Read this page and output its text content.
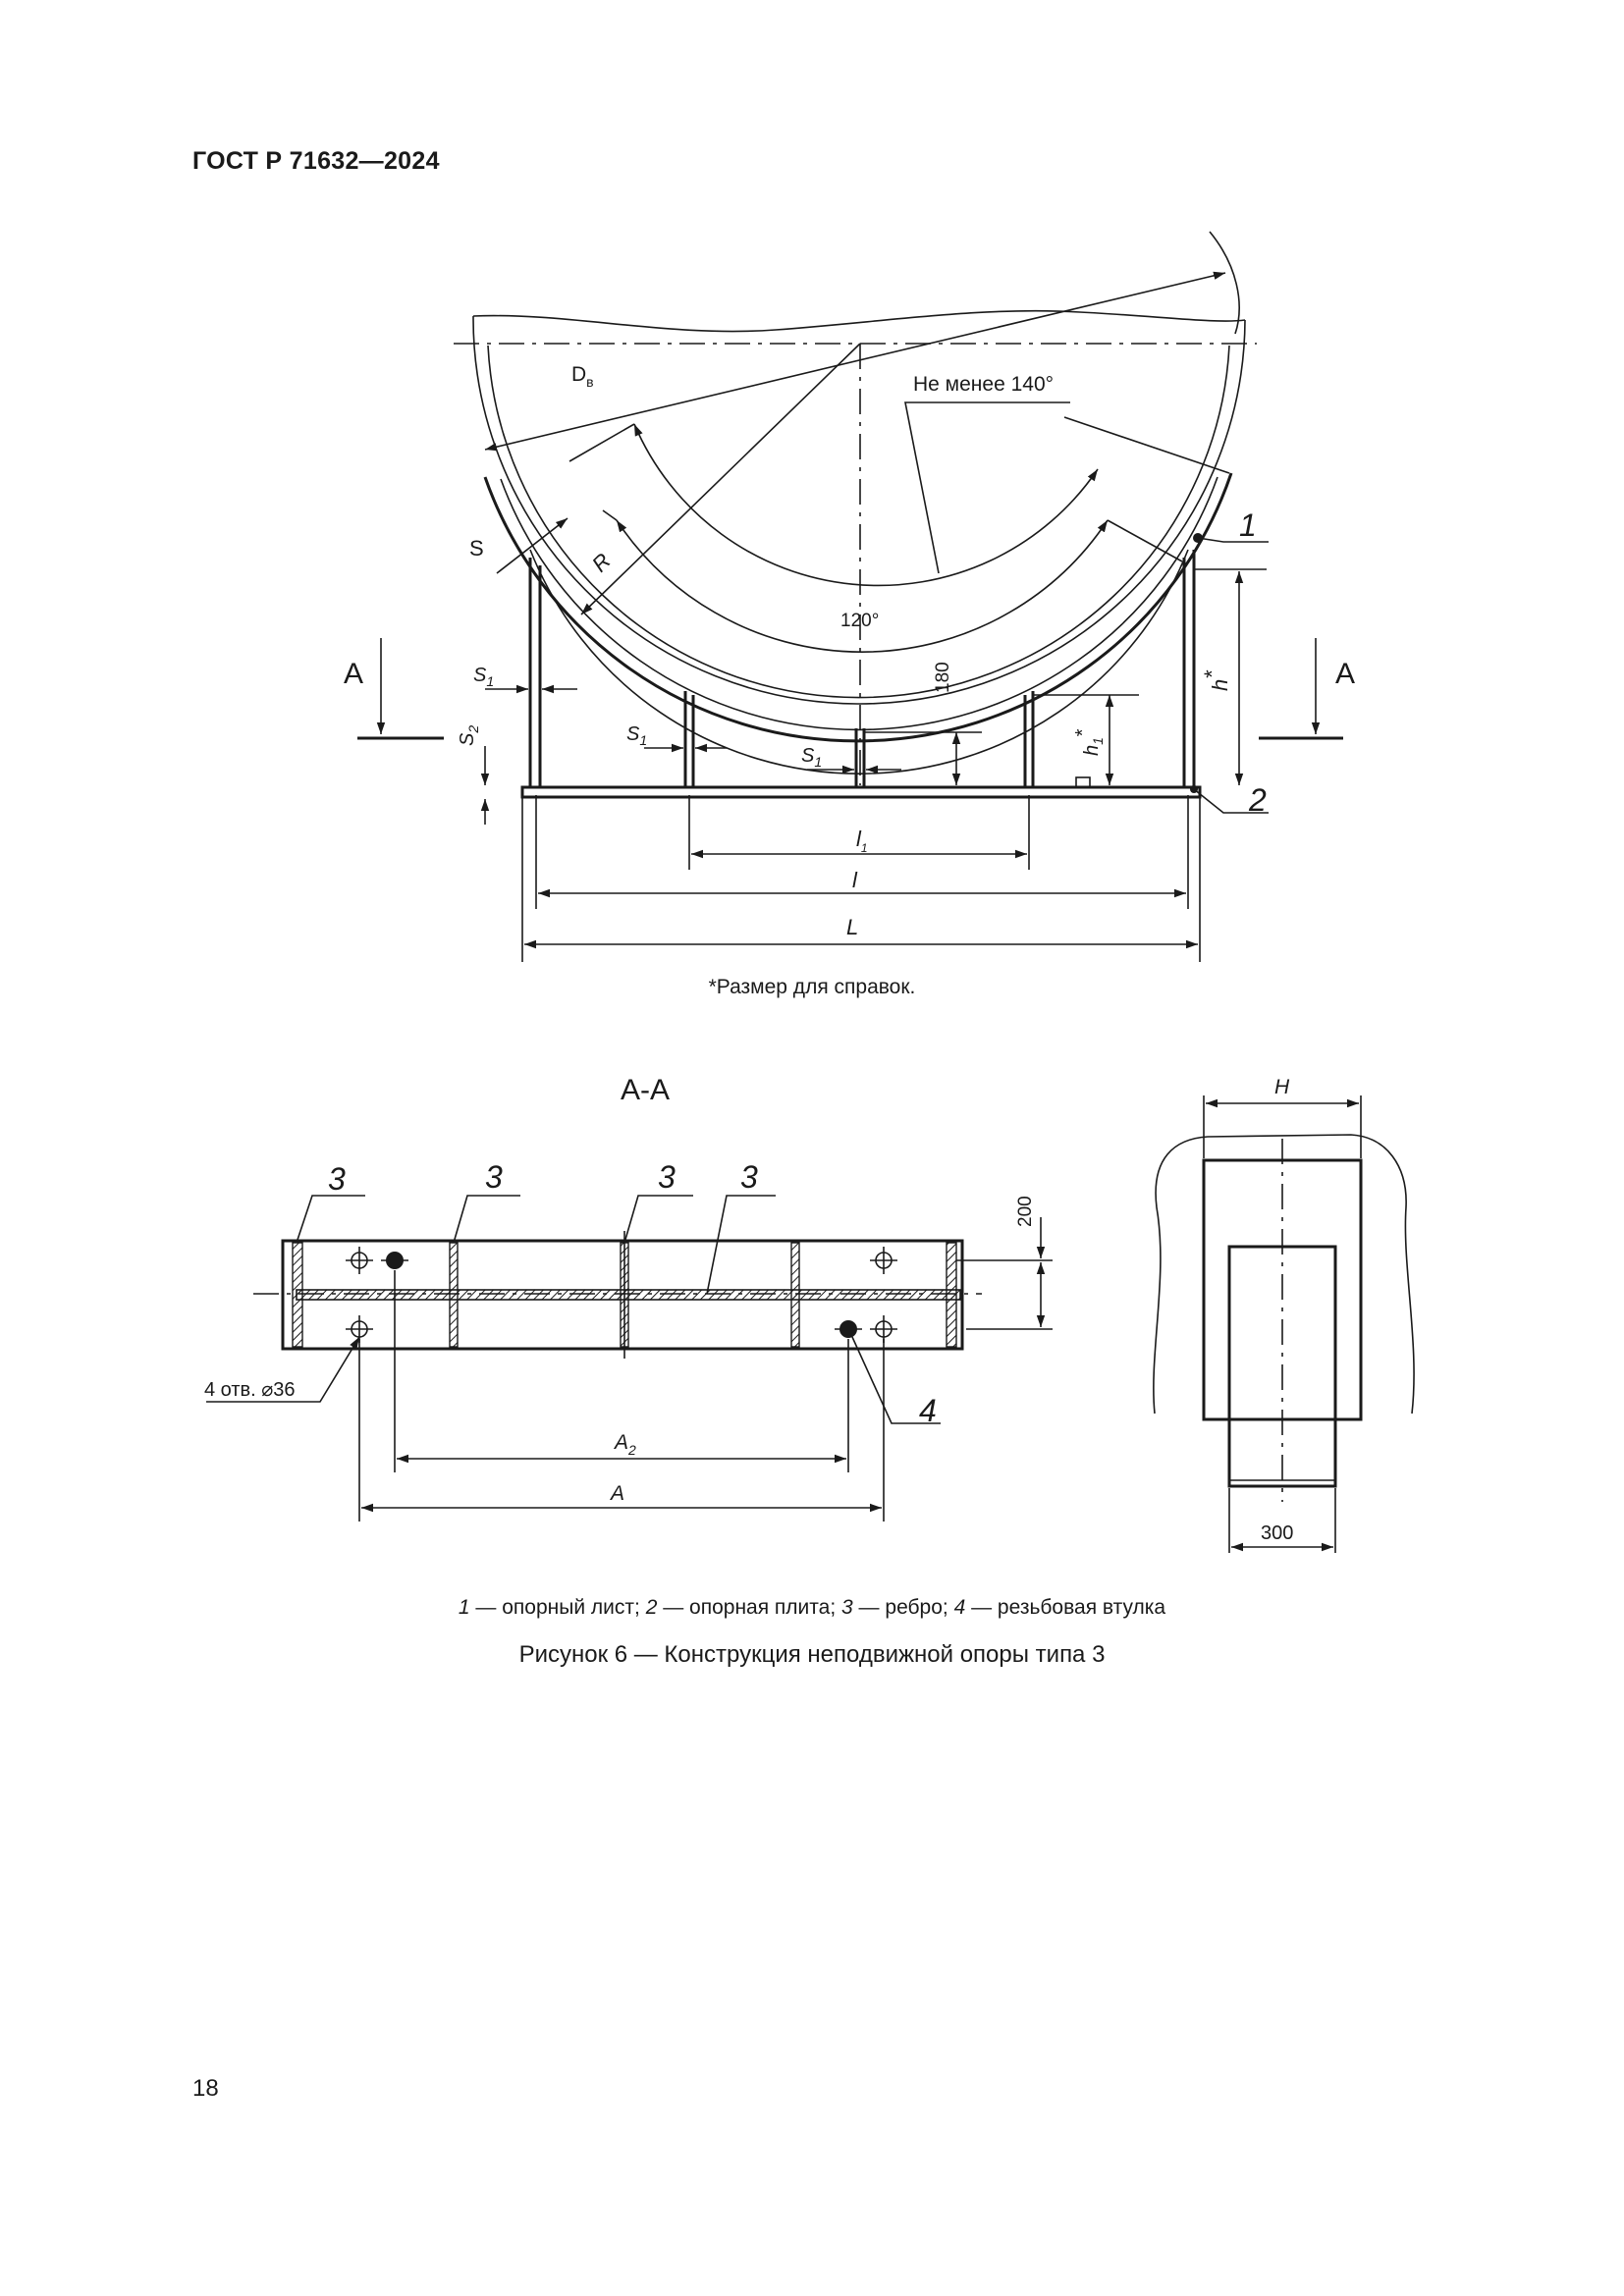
ГОСТ Р 71632—2024
$D_в$	Не менее 140°
120°
R
S
$S_1$
$S_1$
$S_1$
$S_2$
180
$h_1*$
h*
А	А
$l_1$
l
L
1
2
А-А
200
$A_2$
A
4 отв. ⌀36
3	3	3 3
4
H
300
*Размер для справок.
1 — опорный лист; 2 — опорная плита; 3 — ребро; 4 — резьбовая втулка
Рисунок 6 — Конструкция неподвижной опоры типа 3
18
